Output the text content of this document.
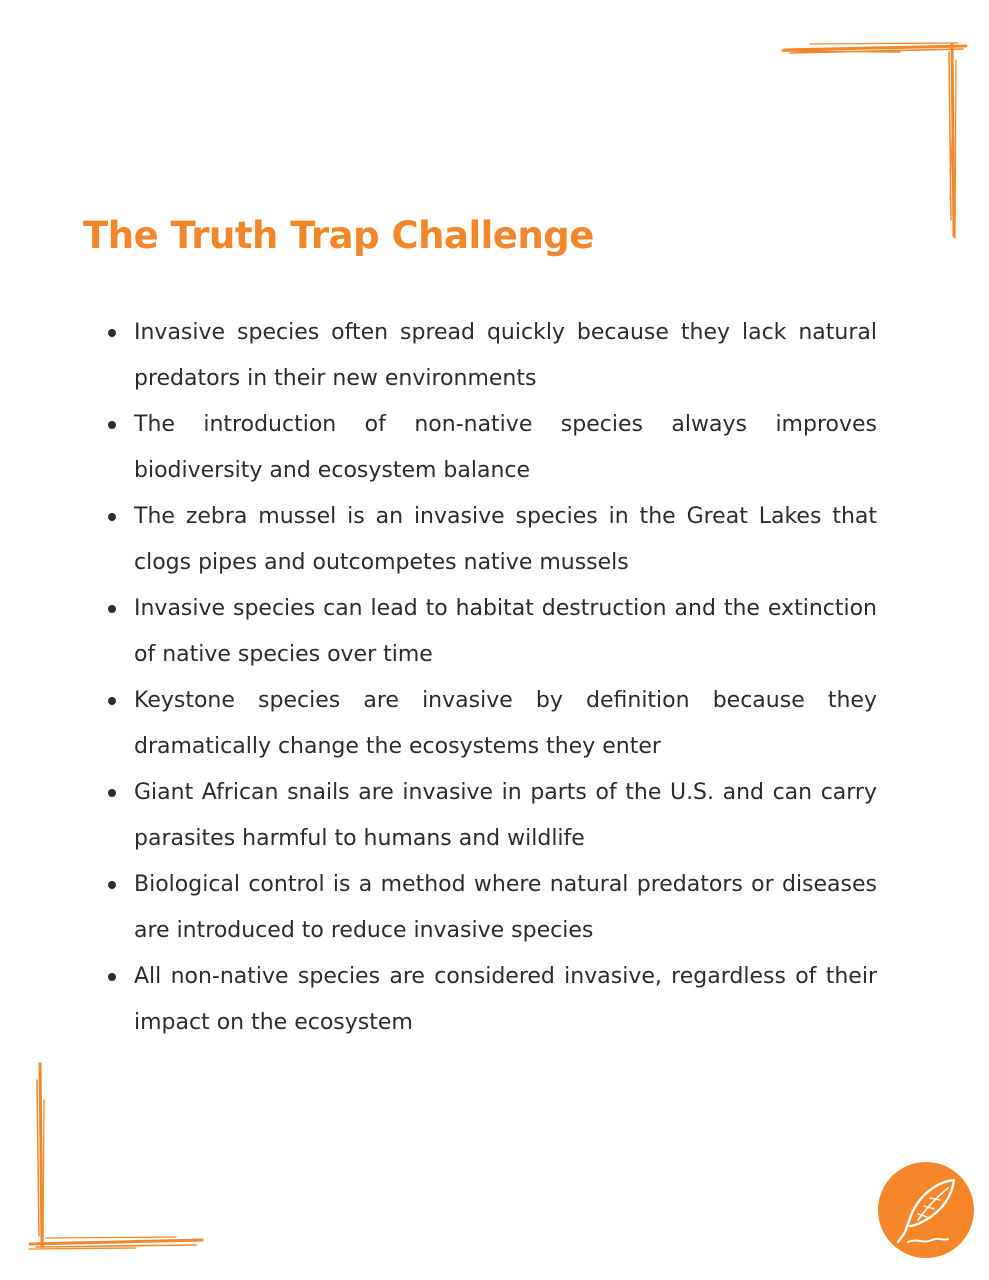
The Truth Trap Challenge
Invasive species often spread quickly because they lack natural predators in their new environments
The introduction of non-native species always improves biodiversity and ecosystem balance
The zebra mussel is an invasive species in the Great Lakes that clogs pipes and outcompetes native mussels
Invasive species can lead to habitat destruction and the extinction of native species over time
Keystone species are invasive by definition because they dramatically change the ecosystems they enter
Giant African snails are invasive in parts of the U.S. and can carry parasites harmful to humans and wildlife
Biological control is a method where natural predators or diseases are introduced to reduce invasive species
All non-native species are considered invasive, regardless of their impact on the ecosystem
